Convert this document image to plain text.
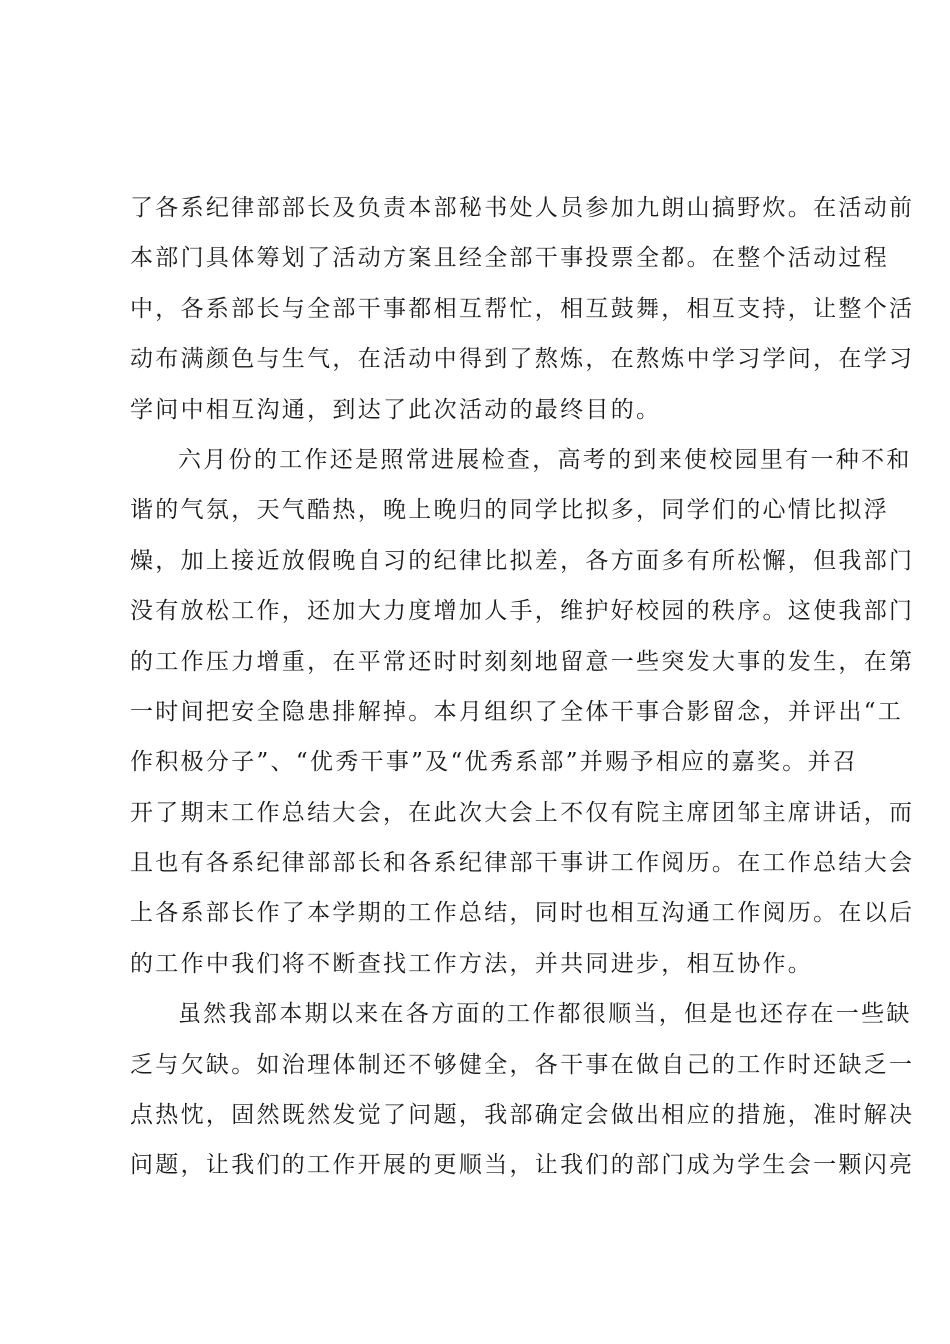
了各系纪律部部长及负责本部秘书处人员参加九朗山搞野炊。在活动前
本部门具体筹划了活动方案且经全部干事投票全都。在整个活动过程
中，各系部长与全部干事都相互帮忙，相互鼓舞，相互支持，让整个活
动布满颜色与生气，在活动中得到了熬炼，在熬炼中学习学问，在学习
学问中相互沟通，到达了此次活动的最终目的。
六月份的工作还是照常进展检查，高考的到来使校园里有一种不和
谐的气氛，天气酷热，晚上晚归的同学比拟多，同学们的心情比拟浮
燥，加上接近放假晚自习的纪律比拟差，各方面多有所松懈，但我部门
没有放松工作，还加大力度增加人手，维护好校园的秩序。这使我部门
的工作压力增重，在平常还时时刻刻地留意一些突发大事的发生，在第
一时间把安全隐患排解掉。本月组织了全体干事合影留念，并评出“工
作积极分子”、“优秀干事”及“优秀系部”并赐予相应的嘉奖。并召
开了期末工作总结大会，在此次大会上不仅有院主席团邹主席讲话，而
且也有各系纪律部部长和各系纪律部干事讲工作阅历。在工作总结大会
上各系部长作了本学期的工作总结，同时也相互沟通工作阅历。在以后
的工作中我们将不断查找工作方法，并共同进步，相互协作。
虽然我部本期以来在各方面的工作都很顺当，但是也还存在一些缺
乏与欠缺。如治理体制还不够健全，各干事在做自己的工作时还缺乏一
点热忱，固然既然发觉了问题，我部确定会做出相应的措施，准时解决
问题，让我们的工作开展的更顺当，让我们的部门成为学生会一颗闪亮
